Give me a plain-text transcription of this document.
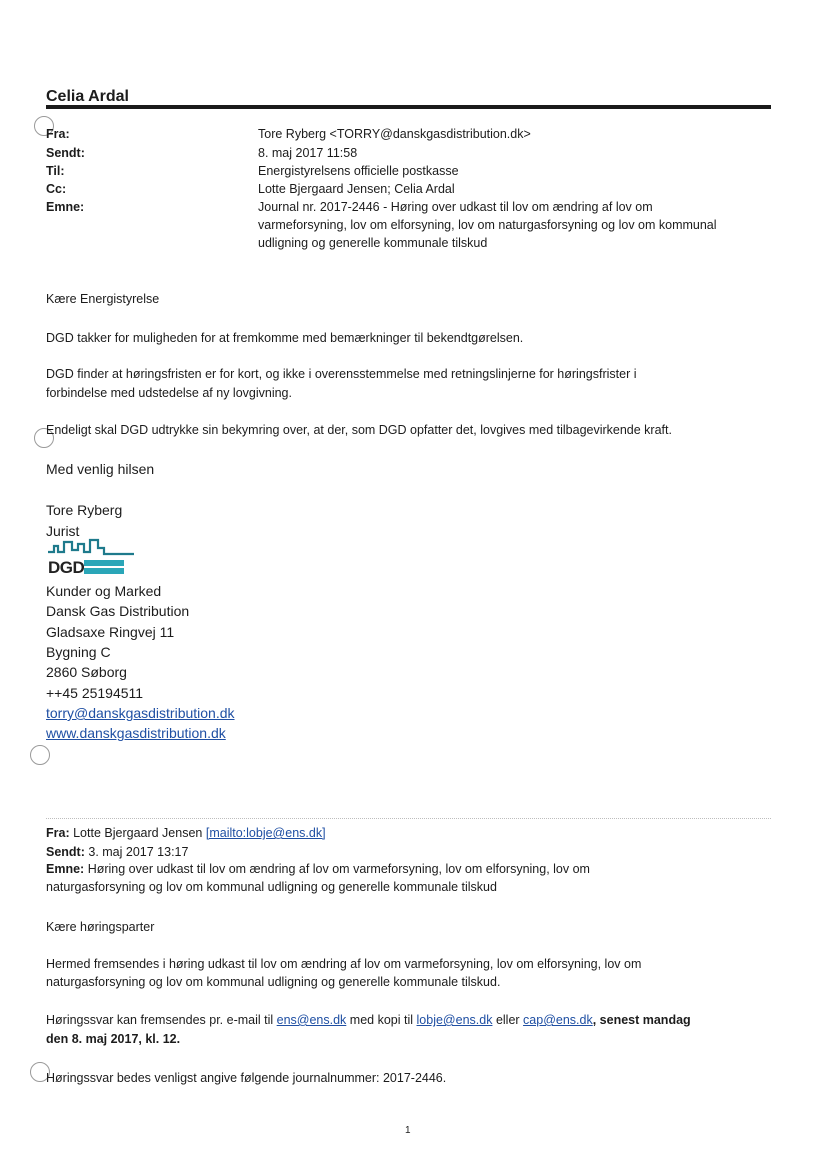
Celia Ardal
Fra:	Tore Ryberg <TORRY@danskgasdistribution.dk>
Sendt:	8. maj 2017 11:58
Til:	Energistyrelsens officielle postkasse
Cc:	Lotte Bjergaard Jensen; Celia Ardal
Emne:	Journal nr. 2017-2446 - Høring over udkast til lov om ændring af lov om
varmeforsyning, lov om elforsyning, lov om naturgasforsyning og lov om kommunal
udligning og generelle kommunale tilskud
Kære Energistyrelse
DGD takker for muligheden for at fremkomme med bemærkninger til bekendtgørelsen.
DGD finder at høringsfristen er for kort, og ikke i overensstemmelse med retningslinjerne for høringsfrister i
forbindelse med udstedelse af ny lovgivning.
Endeligt skal DGD udtrykke sin bekymring over, at der, som DGD opfatter det, lovgives med tilbagevirkende kraft.
Med venlig hilsen
Tore Ryberg
Jurist
DGD
Kunder og Marked
Dansk Gas Distribution
Gladsaxe Ringvej 11
Bygning C
2860 Søborg
++45 25194511
torry@danskgasdistribution.dk
www.danskgasdistribution.dk
Fra: Lotte Bjergaard Jensen [mailto:lobje@ens.dk]
Sendt: 3. maj 2017 13:17
Emne: Høring over udkast til lov om ændring af lov om varmeforsyning, lov om elforsyning, lov om
naturgasforsyning og lov om kommunal udligning og generelle kommunale tilskud
Kære høringsparter
Hermed fremsendes i høring udkast til lov om ændring af lov om varmeforsyning, lov om elforsyning, lov om
naturgasforsyning og lov om kommunal udligning og generelle kommunale tilskud.
Høringssvar kan fremsendes pr. e-mail til ens@ens.dk med kopi til lobje@ens.dk eller cap@ens.dk, senest mandag
den 8. maj 2017, kl. 12.
Høringssvar bedes venligst angive følgende journalnummer: 2017-2446.
1
